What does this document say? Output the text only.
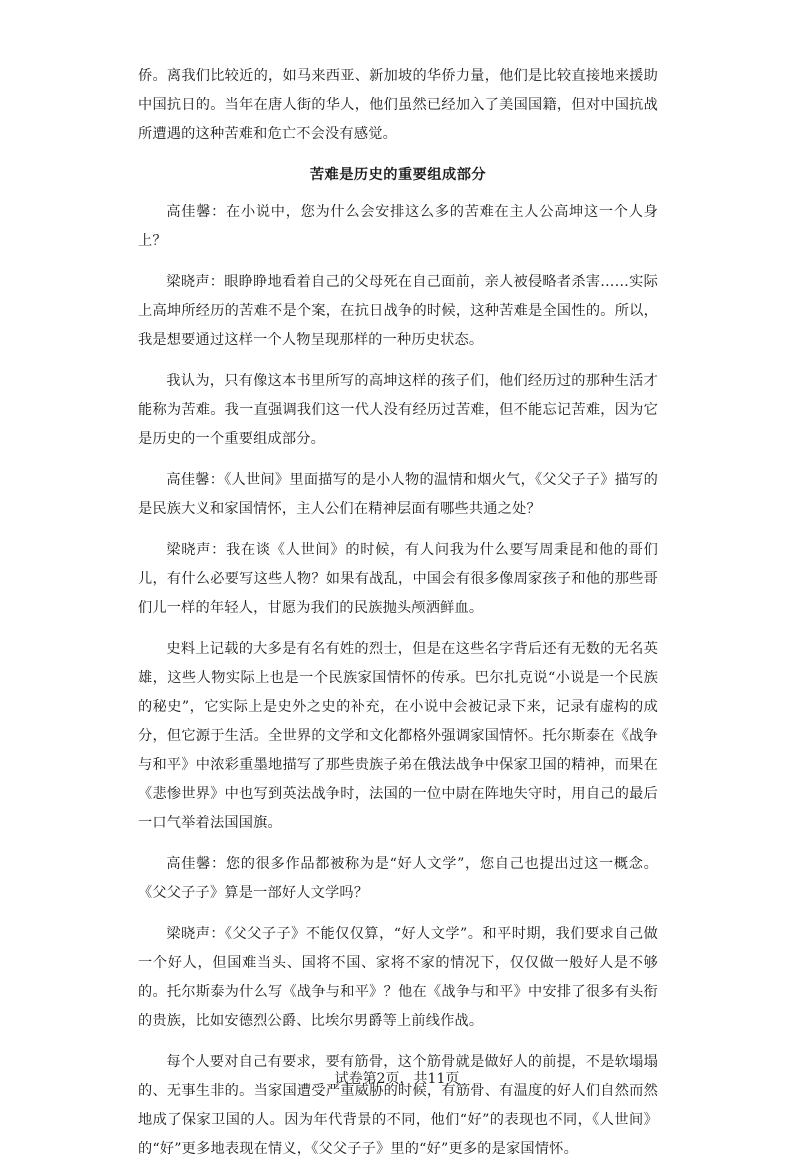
侨。离我们比较近的，如马来西亚、新加坡的华侨力量，他们是比较直接地来援助中国抗日的。当年在唐人街的华人，他们虽然已经加入了美国国籍，但对中国抗战所遭遇的这种苦难和危亡不会没有感觉。

苦难是历史的重要组成部分

高佳馨：在小说中，您为什么会安排这么多的苦难在主人公高坤这一个人身上？

梁晓声：眼睁睁地看着自己的父母死在自己面前，亲人被侵略者杀害……实际上高坤所经历的苦难不是个案，在抗日战争的时候，这种苦难是全国性的。所以，我是想要通过这样一个人物呈现那样的一种历史状态。

我认为，只有像这本书里所写的高坤这样的孩子们，他们经历过的那种生活才能称为苦难。我一直强调我们这一代人没有经历过苦难，但不能忘记苦难，因为它是历史的一个重要组成部分。

高佳馨：《人世间》里面描写的是小人物的温情和烟火气，《父父子子》描写的是民族大义和家国情怀，主人公们在精神层面有哪些共通之处？

梁晓声：我在谈《人世间》的时候，有人问我为什么要写周秉昆和他的哥们儿，有什么必要写这些人物？如果有战乱，中国会有很多像周家孩子和他的那些哥们儿一样的年轻人，甘愿为我们的民族抛头颅洒鲜血。

史料上记载的大多是有名有姓的烈士，但是在这些名字背后还有无数的无名英雄，这些人物实际上也是一个民族家国情怀的传承。巴尔扎克说“小说是一个民族的秘史”，它实际上是史外之史的补充，在小说中会被记录下来，记录有虚构的成分，但它源于生活。全世界的文学和文化都格外强调家国情怀。托尔斯泰在《战争与和平》中浓彩重墨地描写了那些贵族子弟在俄法战争中保家卫国的精神，而果在《悲惨世界》中也写到英法战争时，法国的一位中尉在阵地失守时，用自己的最后一口气举着法国国旗。

高佳馨：您的很多作品都被称为是“好人文学”，您自己也提出过这一概念。《父父子子》算是一部好人文学吗？

梁晓声：《父父子子》不能仅仅算，“好人文学”。和平时期，我们要求自己做一个好人，但国难当头、国将不国、家将不家的情况下，仅仅做一般好人是不够的。托尔斯泰为什么写《战争与和平》？他在《战争与和平》中安排了很多有头衔的贵族，比如安德烈公爵、比埃尔男爵等上前线作战。

每个人要对自己有要求，要有筋骨，这个筋骨就是做好人的前提，不是软塌塌的、无事生非的。当家国遭受严重威胁的时候，有筋骨、有温度的好人们自然而然地成了保家卫国的人。因为年代背景的不同，他们“好”的表现也不同，《人世间》的“好”更多地表现在情义，《父父子子》里的“好”更多的是家国情怀。

试卷第2页，共11页
